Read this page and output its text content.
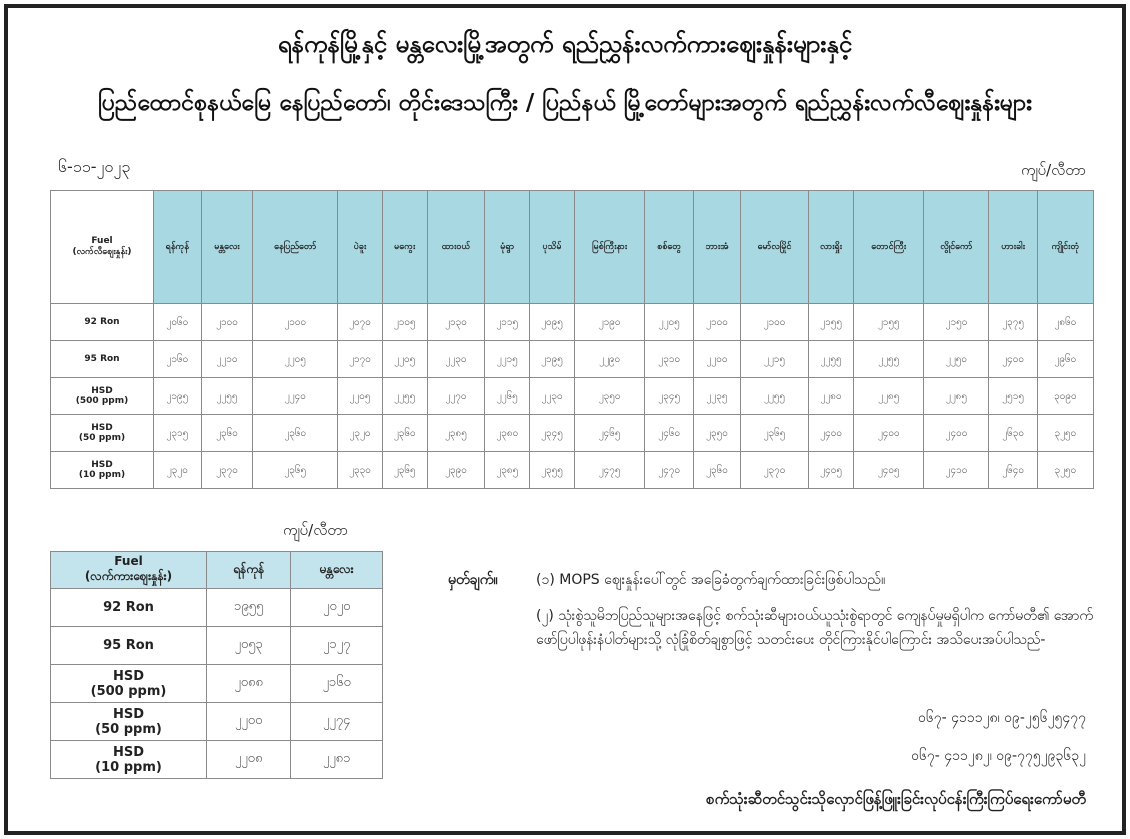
ရန်ကုန်မြို့နှင့် မန္တလေးမြို့အတွက် ရည်ညွှန်းလက်ကားဈေးနှုန်းများနှင့်
ပြည်ထောင်စုနယ်မြေ နေပြည်တော်၊ တိုင်းဒေသကြီး / ပြည်နယ် မြို့တော်များအတွက် ရည်ညွှန်းလက်လီဈေးနှုန်းများ
၆-၁၁-၂၀၂၃	ကျပ်/လီတာ
Fuel
(လက်လီဈေးနှုန်း)	ရန်ကုန်	မန္တလေး	နေပြည်တော်	ပဲခူး	မကွေး	ထားဝယ်	မုံရွာ	ပုသိမ်	မြစ်ကြီးနား	စစ်တွေ	ဘားအံ	မော်လမြိုင်	လားရှိုး	တောင်ကြီး	လွိုင်ကော်	ဟားခါး	ကျိုင်းတုံ

92 Ron	၂၀၆၀	၂၁၀၀	၂၁၀၀	၂၀၇၀	၂၁၀၅	၂၁၃၀	၂၁၁၅	၂၀၉၅	၂၁၉၀	၂၂၀၅	၂၁၀၀	၂၁၀၀	၂၁၅၅	၂၁၅၅	၂၁၅၀	၂၃၇၅	၂၈၆၀

95 Ron	၂၁၆၀	၂၂၁၀	၂၂၀၅	၂၁၇၀	၂၂၀၅	၂၂၃၀	၂၂၁၅	၂၁၉၅	၂၂၉၀	၂၃၁၀	၂၂၀၀	၂၂၁၅	၂၂၅၅	၂၂၅၅	၂၂၅၀	၂၄၀၀	၂၉၆၀

HSD
(500 ppm)	၂၁၉၅	၂၂၅၅	၂၂၄၀	၂၂၀၅	၂၂၅၅	၂၂၇၀	၂၂၆၅	၂၂၃၀	၂၃၅၀	၂၃၄၅	၂၂၃၅	၂၂၅၅	၂၂၈၀	၂၂၈၅	၂၂၈၅	၂၅၁၅	၃၀၉၀

HSD
(50 ppm)	၂၃၁၅	၂၃၆၀	၂၃၆၀	၂၃၂၀	၂၃၆၀	၂၃၈၅	၂၃၈၀	၂၃၄၅	၂၄၆၅	၂၄၆၀	၂၃၅၀	၂၃၆၅	၂၄၀၀	၂၄၀၀	၂၄၀၀	၂၆၃၀	၃၂၅၀

HSD
(10 ppm)	၂၃၂၀	၂၃၇၀	၂၃၆၅	၂၃၃၀	၂၃၆၅	၂၃၉၀	၂၃၈၅	၂၃၅၅	၂၄၇၅	၂၄၇၀	၂၃၆၀	၂၃၇၀	၂၄၀၅	၂၄၀၅	၂၄၁၀	၂၆၄၀	၃၂၅၀
ကျပ်/လီတာ
Fuel
(လက်ကားဈေးနှုန်း)	ရန်ကုန်	မန္တလေး

92 Ron	၁၉၅၅	၂၀၂၀

95 Ron	၂၀၅၃	၂၁၂၇

HSD
(500 ppm)	၂၀၈၈	၂၁၆၀

HSD
(50 ppm)	၂၂၀၀	၂၂၇၄

HSD
(10 ppm)	၂၂၀၈	၂၂၈၁
မှတ်ချက်။	(၁) MOPS ဈေးနှုန်းပေါ်တွင် အခြေခံတွက်ချက်ထားခြင်းဖြစ်ပါသည်။
(၂) သုံးစွဲသူမိဘပြည်သူများအနေဖြင့် စက်သုံးဆီများဝယ်ယူသုံးစွဲရာတွင် ကျေနပ်မှုမရှိပါက ကော်မတီ၏ အောက်ဖော်ပြပါဖုန်းနံပါတ်များသို့ လုံခြုံစိတ်ချစွာဖြင့် သတင်းပေး တိုင်ကြားနိုင်ပါကြောင်း အသိပေးအပ်ပါသည်-
၀၆၇- ၄၁၁၁၂၈၊ ၀၉-၂၅၆၂၅၄၇၇
၀၆၇- ၄၁၁၂၈၂၊ ၀၉-၇၇၅၂၉၃၆၃၂
စက်သုံးဆီတင်သွင်းသိုလှောင်ဖြန့်ဖြူးခြင်းလုပ်ငန်းကြီးကြပ်ရေးကော်မတီ
